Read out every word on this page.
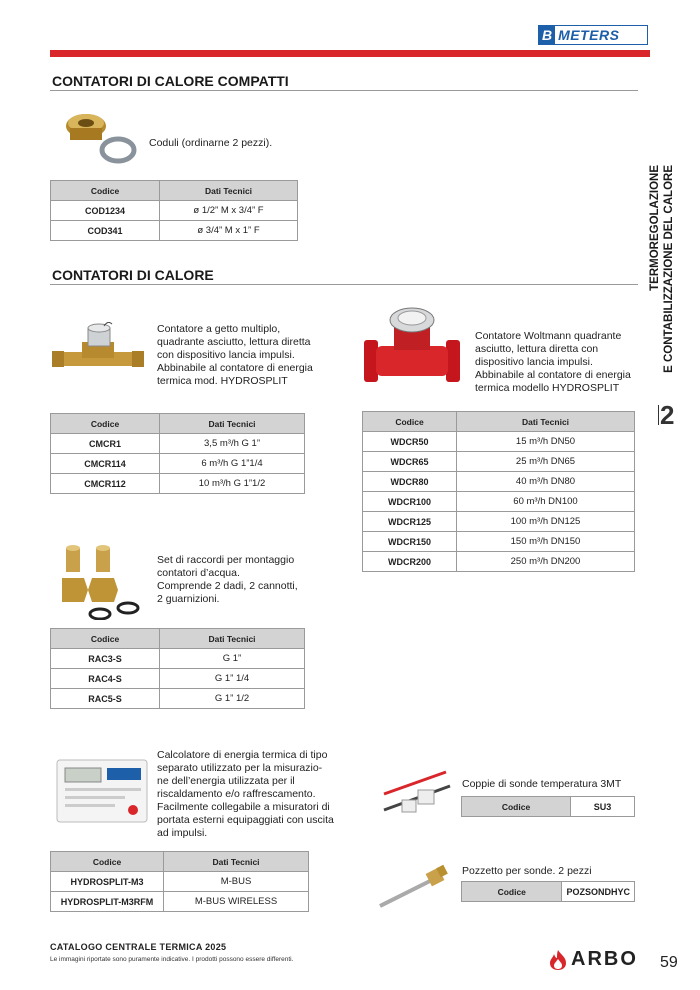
B METERS
CONTATORI DI CALORE COMPATTI
Coduli (ordinarne 2 pezzi).
Codice	Dati Tecnici
COD1234	ø 1/2” M x 3/4” F
COD341	ø 3/4” M x 1” F
CONTATORI DI CALORE
Contatore a getto multiplo,
quadrante asciutto, lettura diretta
con dispositivo lancia impulsi.
Abbinabile al contatore di energia
termica mod. HYDROSPLIT
Codice	Dati Tecnici
CMCR1	3,5 m³/h G 1”
CMCR114	6 m³/h G 1”1/4
CMCR112	10 m³/h G 1”1/2
Contatore Woltmann quadrante
asciutto, lettura diretta con
dispositivo lancia impulsi.
Abbinabile al contatore di energia
termica modello HYDROSPLIT
Codice	Dati Tecnici
WDCR50	15 m³/h DN50
WDCR65	25 m³/h DN65
WDCR80	40 m³/h DN80
WDCR100	60 m³/h DN100
WDCR125	100 m³/h DN125
WDCR150	150 m³/h DN150
WDCR200	250 m³/h DN200
Set di raccordi per montaggio
contatori d’acqua.
Comprende 2 dadi, 2 cannotti,
2 guarnizioni.
Codice	Dati Tecnici
RAC3-S	G 1”
RAC4-S	G 1” 1/4
RAC5-S	G 1” 1/2
Calcolatore di energia termica di tipo
separato utilizzato per la misurazio-
ne dell’energia utilizzata per il
riscaldamento e/o raffrescamento.
Facilmente collegabile a misuratori di
portata esterni equipaggiati con uscita
ad impulsi.
Codice	Dati Tecnici
HYDROSPLIT-M3	M-BUS
HYDROSPLIT-M3RFM	M-BUS WIRELESS
Coppie di sonde temperatura 3MT
Codice	SU3
Pozzetto per sonde. 2 pezzi
Codice	POZSONDHYC
TERMOREGOLAZIONE E CONTABILIZZAZIONE DEL CALORE
2
CATALOGO CENTRALE TERMICA 2025
Le immagini riportate sono puramente indicative. I prodotti possono essere differenti.	ARBO 59
